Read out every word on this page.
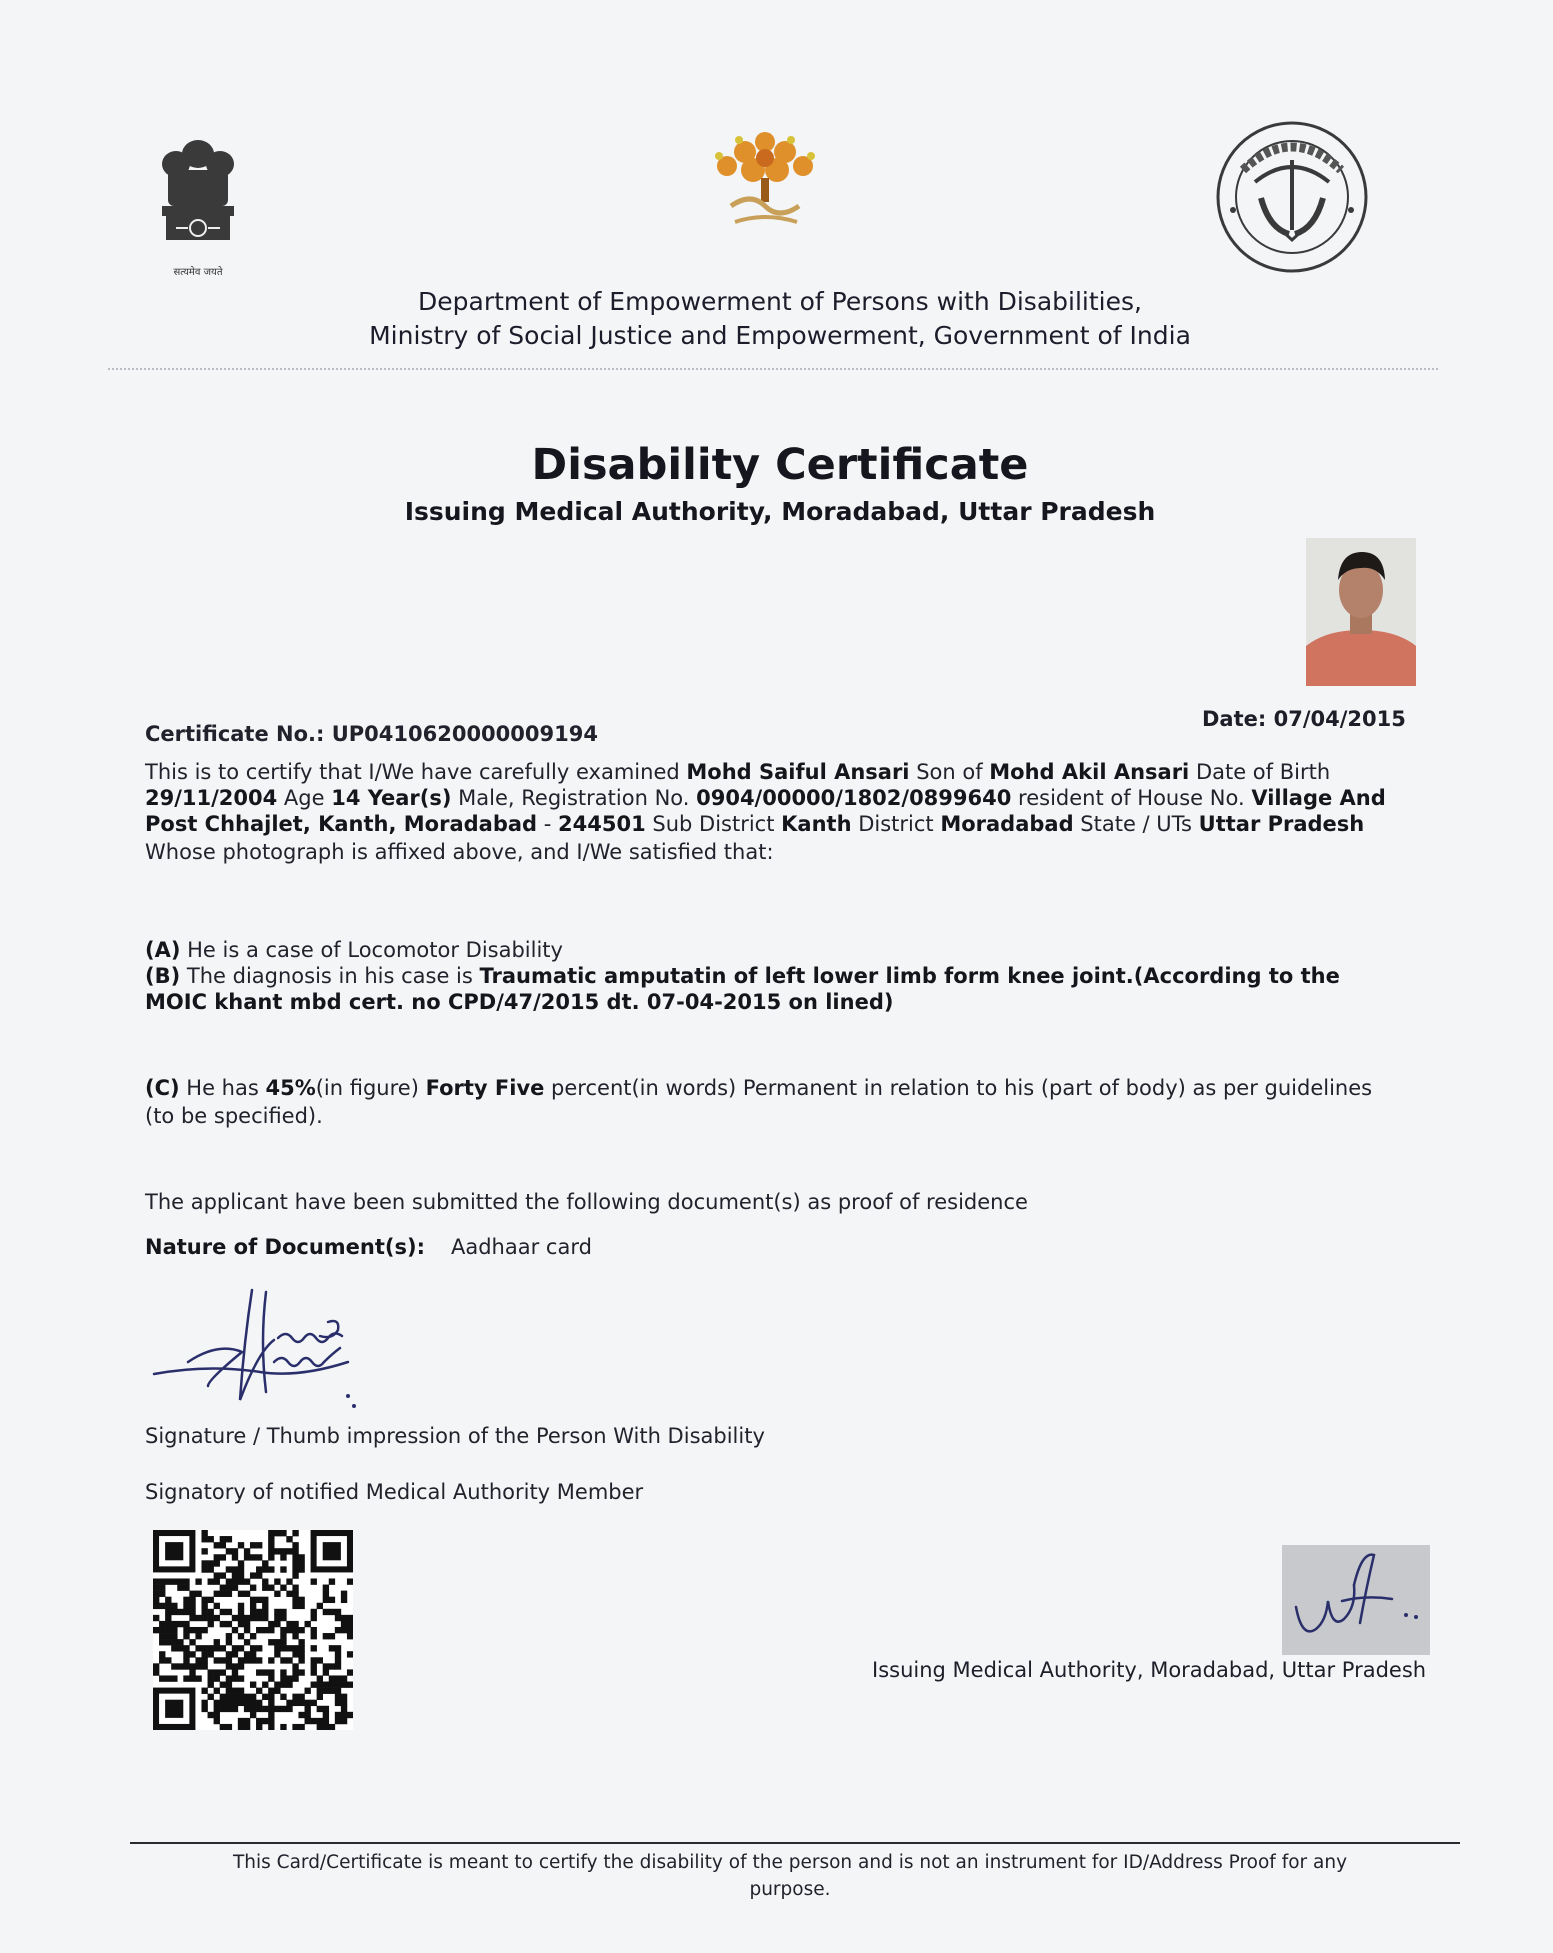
सत्यमेव जयते
Department of Empowerment of Persons with Disabilities,
Ministry of Social Justice and Empowerment, Government of India
Disability Certificate
Issuing Medical Authority, Moradabad, Uttar Pradesh
Certificate No.: UP0410620000009194
Date: 07/04/2015
This is to certify that I/We have carefully examined Mohd Saiful Ansari Son of Mohd Akil Ansari Date of Birth
29/11/2004 Age 14 Year(s) Male, Registration No. 0904/00000/1802/0899640 resident of House No. Village And
Post Chhajlet, Kanth, Moradabad - 244501 Sub District Kanth District Moradabad State / UTs Uttar Pradesh
Whose photograph is affixed above, and I/We satisfied that:
(A) He is a case of Locomotor Disability
(B) The diagnosis in his case is Traumatic amputatin of left lower limb form knee joint.(According to the
MOIC khant mbd cert. no CPD/47/2015 dt. 07-04-2015 on lined)
(C) He has 45%(in figure) Forty Five percent(in words) Permanent in relation to his (part of body) as per guidelines
(to be specified).
The applicant have been submitted the following document(s) as proof of residence
Nature of Document(s): Aadhaar card
Signature / Thumb impression of the Person With Disability
Signatory of notified Medical Authority Member
Issuing Medical Authority, Moradabad, Uttar Pradesh
This Card/Certificate is meant to certify the disability of the person and is not an instrument for ID/Address Proof for any purpose.
